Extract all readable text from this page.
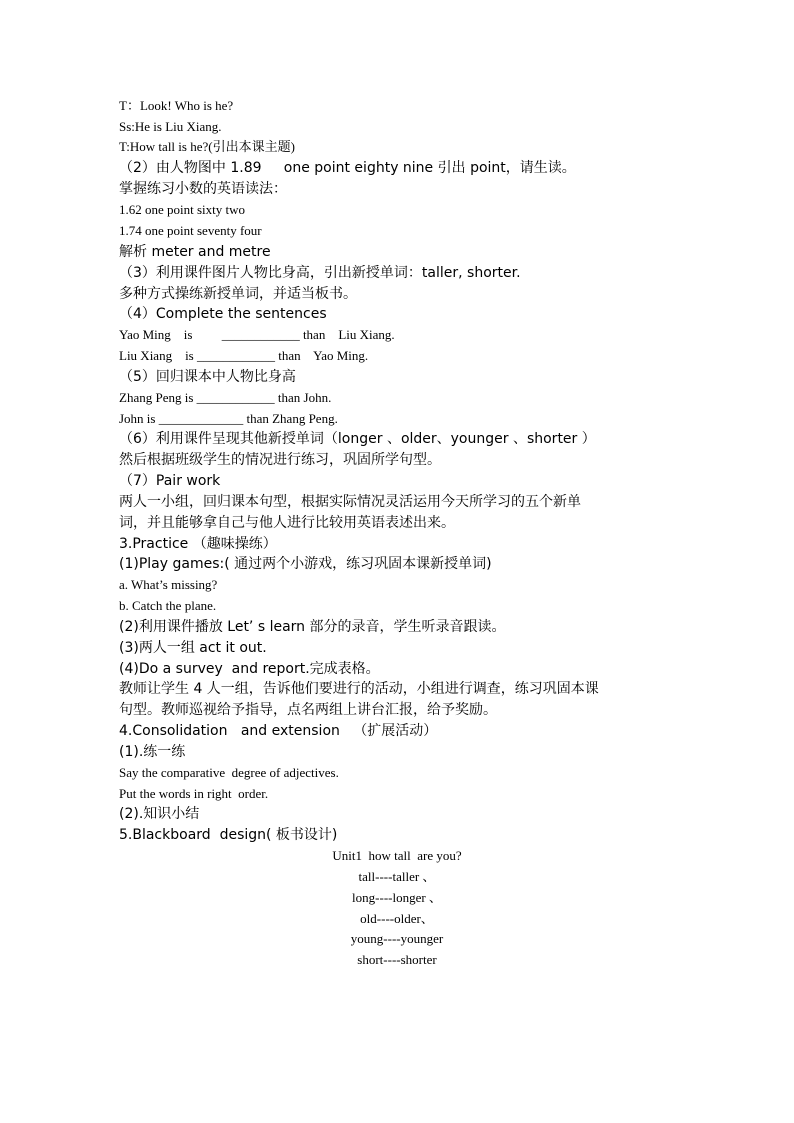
T：Look! Who is he?
Ss:He is Liu Xiang.
T:How tall is he?(引出本课主题)
（2）由人物图中 1.89     one point eighty nine 引出 point，请生读。
掌握练习小数的英语读法：
1.62 one point sixty two
1.74 one point seventy four
解析 meter and metre
（3）利用课件图片人物比身高，引出新授单词：taller, shorter.
多种方式操练新授单词，并适当板书。
（4）Complete the sentences
Yao Ming    is         ____________ than    Liu Xiang.
Liu Xiang    is ____________ than    Yao Ming.
（5）回归课本中人物比身高
Zhang Peng is ____________ than John.
John is _____________ than Zhang Peng.
（6）利用课件呈现其他新授单词（longer 、older、younger 、shorter ）
然后根据班级学生的情况进行练习，巩固所学句型。
（7）Pair work
两人一小组，回归课本句型，根据实际情况灵活运用今天所学习的五个新单
词，并且能够拿自己与他人进行比较用英语表述出来。
3.Practice （趣味操练）
(1)Play games:( 通过两个小游戏，练习巩固本课新授单词)
a. What’s missing?
b. Catch the plane.
(2)利用课件播放 Let’ s learn 部分的录音，学生听录音跟读。
(3)两人一组 act it out.
(4)Do a survey  and report.完成表格。
教师让学生 4 人一组，告诉他们要进行的活动，小组进行调查，练习巩固本课
句型。教师巡视给予指导，点名两组上讲台汇报，给予奖励。
4.Consolidation   and extension   （扩展活动）
(1).练一练
Say the comparative  degree of adjectives.
Put the words in right  order.
(2).知识小结
5.Blackboard  design( 板书设计)
Unit1  how tall  are you?
tall----taller 、
long----longer 、
old----older、
young----younger
short----shorter
